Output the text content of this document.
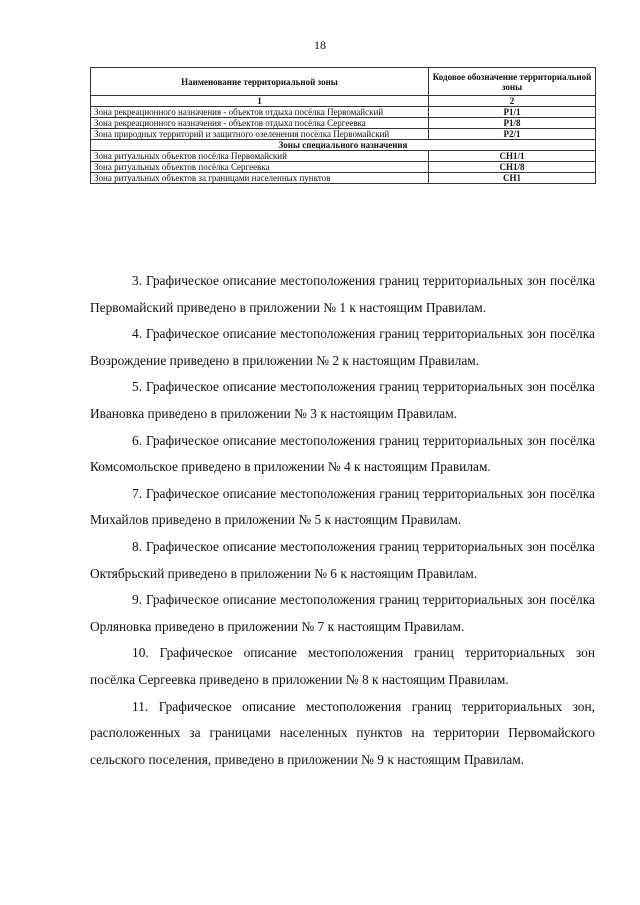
18
Наименование территориальной зоны	Кодовое обозначение территориальной зоны
1	2
Зона рекреационного назначения - объектов отдыха посёлка Первомайский	Р1/1
Зона рекреационного назначения - объектов отдыха посёлка Сергеевка	Р1/8
Зона природных территорий и защитного озеленения посёлка Первомайский	Р2/1
Зоны специального назначения	
Зона ритуальных объектов посёлка Первомайский	СН1/1
Зона ритуальных объектов посёлка Сергеевка	СН1/8
Зона ритуальных объектов за границами населенных пунктов	СН1

3. Графическое описание местоположения границ территориальных зон посёлка Первомайский приведено в приложении № 1 к настоящим Правилам.

4. Графическое описание местоположения границ территориальных зон посёлка Возрождение приведено в приложении № 2 к настоящим Правилам.

5. Графическое описание местоположения границ территориальных зон посёлка Ивановка приведено в приложении № 3 к настоящим Правилам.

6. Графическое описание местоположения границ территориальных зон посёлка Комсомольское приведено в приложении № 4 к настоящим Правилам.

7. Графическое описание местоположения границ территориальных зон посёлка Михайлов приведено в приложении № 5 к настоящим Правилам.

8. Графическое описание местоположения границ территориальных зон посёлка Октябрьский приведено в приложении № 6 к настоящим Правилам.

9. Графическое описание местоположения границ территориальных зон посёлка Орляновка приведено в приложении № 7 к настоящим Правилам.

10. Графическое описание местоположения границ территориальных зон посёлка Сергеевка приведено в приложении № 8 к настоящим Правилам.

11. Графическое описание местоположения границ территориальных зон, расположенных за границами населенных пунктов на территории Первомайского сельского поселения, приведено в приложении № 9 к настоящим Правилам.
